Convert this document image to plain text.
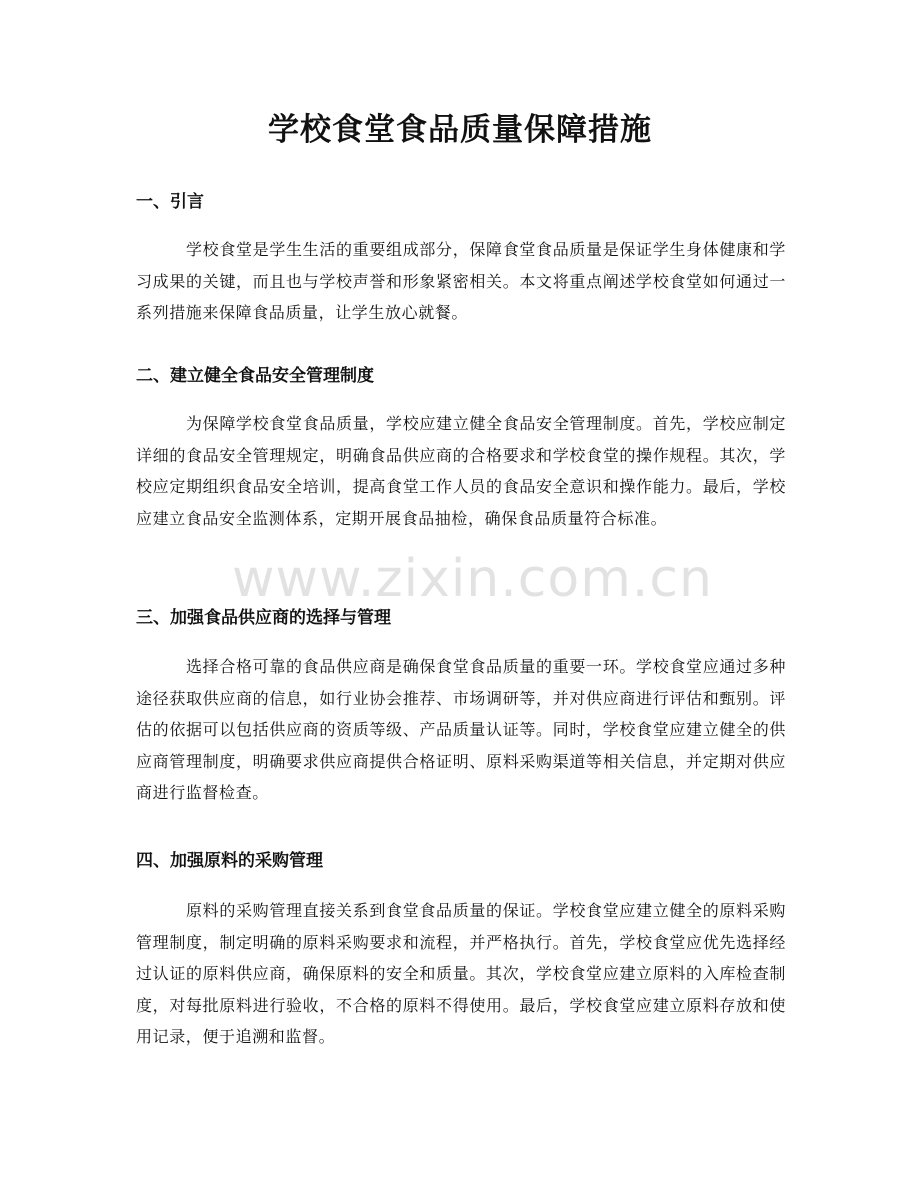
学校食堂食品质量保障措施
一、引言

学校食堂是学生生活的重要组成部分，保障食堂食品质量是保证学生身体健康和学习成果的关键，而且也与学校声誉和形象紧密相关。本文将重点阐述学校食堂如何通过一系列措施来保障食品质量，让学生放心就餐。

二、建立健全食品安全管理制度

为保障学校食堂食品质量，学校应建立健全食品安全管理制度。首先，学校应制定详细的食品安全管理规定，明确食品供应商的合格要求和学校食堂的操作规程。其次，学校应定期组织食品安全培训，提高食堂工作人员的食品安全意识和操作能力。最后，学校应建立食品安全监测体系，定期开展食品抽检，确保食品质量符合标准。

三、加强食品供应商的选择与管理

选择合格可靠的食品供应商是确保食堂食品质量的重要一环。学校食堂应通过多种途径获取供应商的信息，如行业协会推荐、市场调研等，并对供应商进行评估和甄别。评估的依据可以包括供应商的资质等级、产品质量认证等。同时，学校食堂应建立健全的供应商管理制度，明确要求供应商提供合格证明、原料采购渠道等相关信息，并定期对供应商进行监督检查。

四、加强原料的采购管理

原料的采购管理直接关系到食堂食品质量的保证。学校食堂应建立健全的原料采购管理制度，制定明确的原料采购要求和流程，并严格执行。首先，学校食堂应优先选择经过认证的原料供应商，确保原料的安全和质量。其次，学校食堂应建立原料的入库检查制度，对每批原料进行验收，不合格的原料不得使用。最后，学校食堂应建立原料存放和使用记录，便于追溯和监督。

www.zixin.com.cn
